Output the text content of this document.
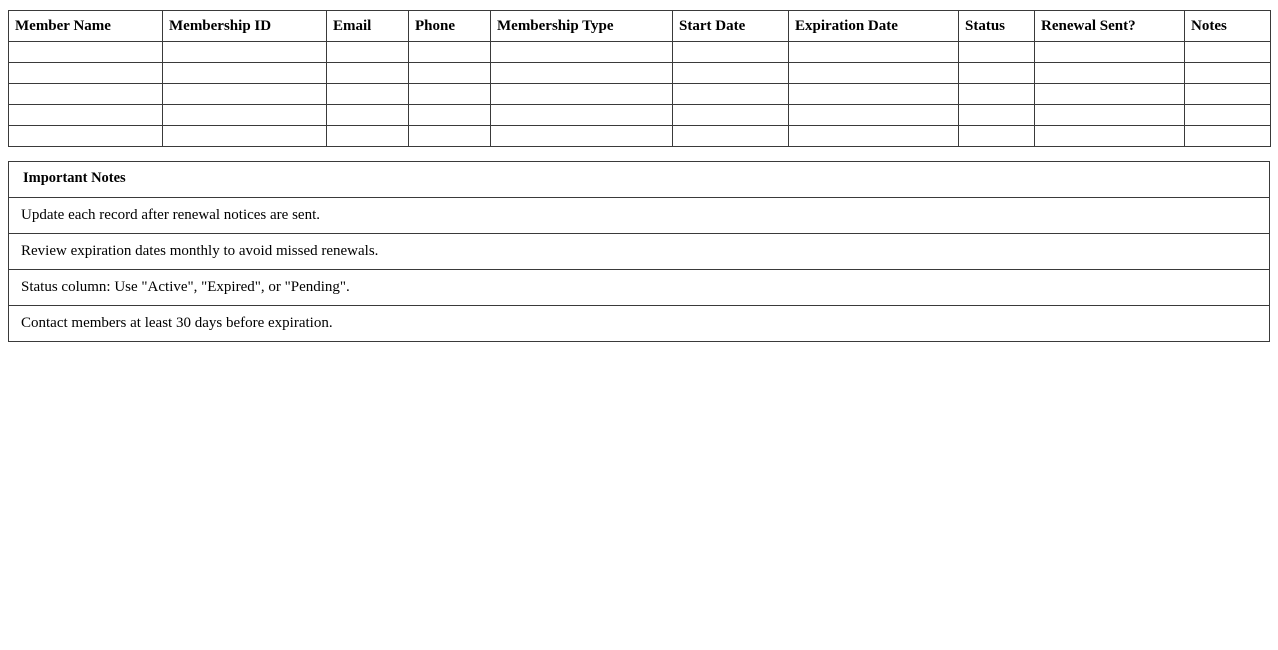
Member Name	Membership ID	Email	Phone	Membership Type	Start Date	Expiration Date	Status	Renewal Sent?	Notes

Important Notes
Update each record after renewal notices are sent.
Review expiration dates monthly to avoid missed renewals.
Status column: Use "Active", "Expired", or "Pending".
Contact members at least 30 days before expiration.
